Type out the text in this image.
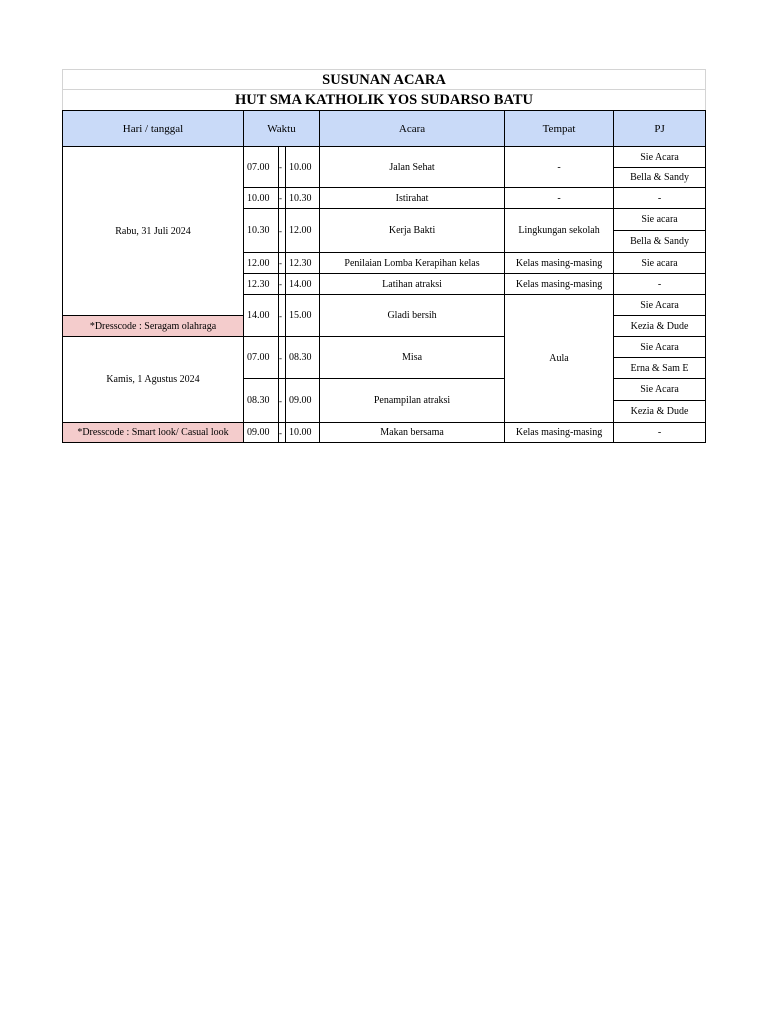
SUSUNAN ACARA
HUT SMA KATHOLIK YOS SUDARSO BATU
Hari / tanggal	Waktu			Acara	Tempat	PJ
Rabu, 31 Juli 2024	07.00	-	10.00	Jalan Sehat	-	Sie Acara
						Bella & Sandy
	10.00	-	10.30	Istirahat	-	-
	10.30	-	12.00	Kerja Bakti	Lingkungan sekolah	Sie acara
						Bella & Sandy
	12.00	-	12.30	Penilaian Lomba Kerapihan kelas	Kelas masing-masing	Sie acara
	12.30	-	14.00	Latihan atraksi	Kelas masing-masing	-
	14.00	-	15.00	Gladi bersih	Aula	Sie Acara
*Dresscode : Seragam olahraga						Kezia & Dude
Kamis, 1 Agustus 2024	07.00	-	08.30	Misa		Sie Acara
						Erna & Sam E
	08.30	-	09.00	Penampilan atraksi		Sie Acara
						Kezia & Dude
*Dresscode : Smart look/ Casual look	09.00	-	10.00	Makan bersama	Kelas masing-masing	-
